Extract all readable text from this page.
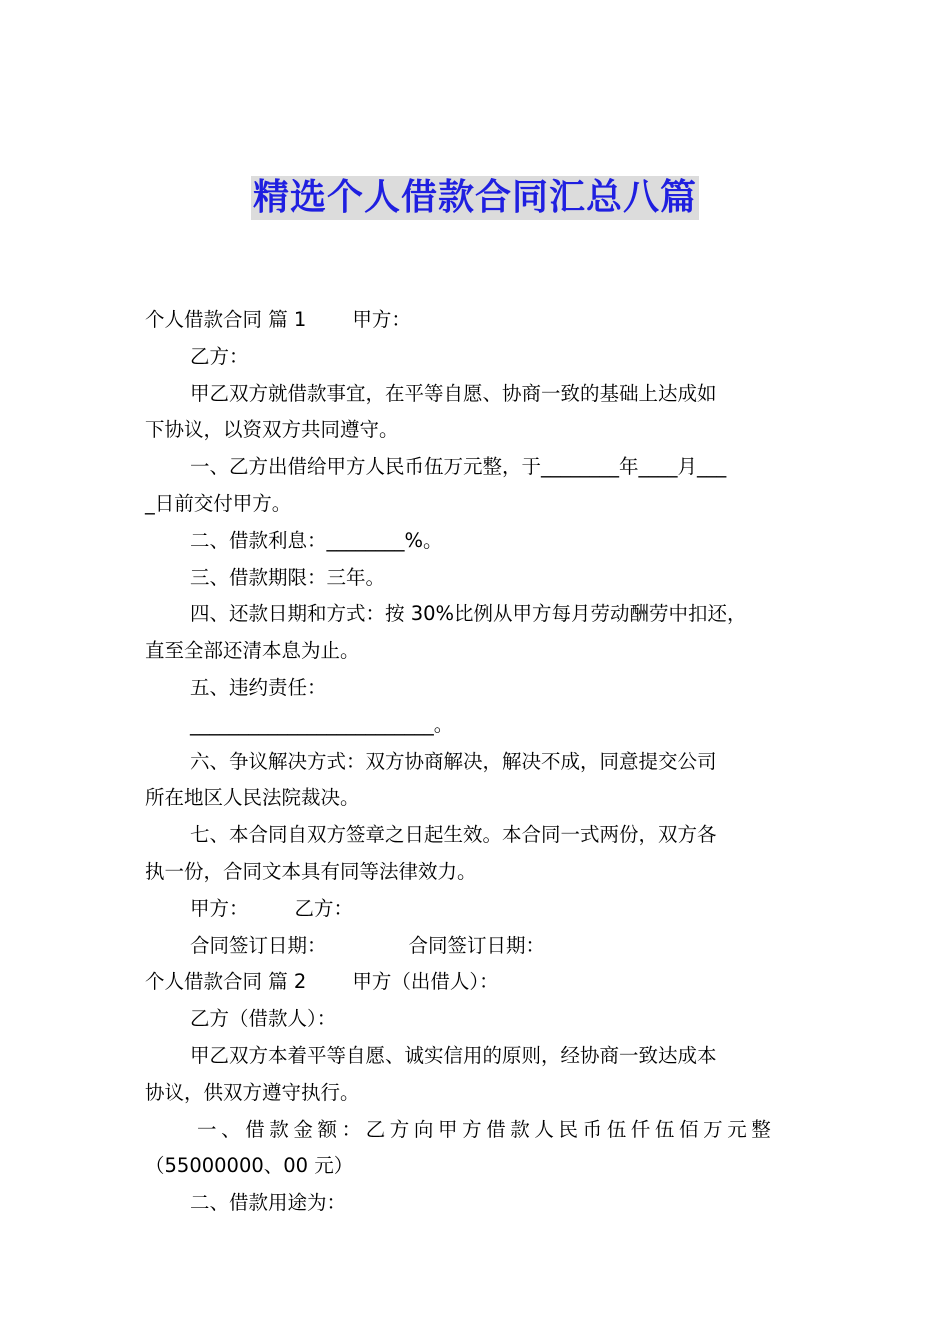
精选个人借款合同汇总八篇
个人借款合同 篇 1 甲方：
乙方：
甲乙双方就借款事宜，在平等自愿、协商一致的基础上达成如
下协议，以资双方共同遵守。
一、乙方出借给甲方人民币伍万元整，于________年____月___
_日前交付甲方。
二、借款利息：________%。
三、借款期限：三年。
四、还款日期和方式：按 30%比例从甲方每月劳动酬劳中扣还，
直至全部还清本息为止。
五、违约责任：
_________________________。
六、争议解决方式：双方协商解决，解决不成，同意提交公司
所在地区人民法院裁决。
七、本合同自双方签章之日起生效。本合同一式两份，双方各
执一份，合同文本具有同等法律效力。
甲方： 乙方：
合同签订日期：	合同签订日期：
个人借款合同 篇 2 甲方（出借人）：
乙方（借款人）：
甲乙双方本着平等自愿、诚实信用的原则，经协商一致达成本
协议，供双方遵守执行。
一、借款金额：乙方向甲方借款人民币伍仟伍佰万元整
（55000000、00 元）
二、借款用途为：
